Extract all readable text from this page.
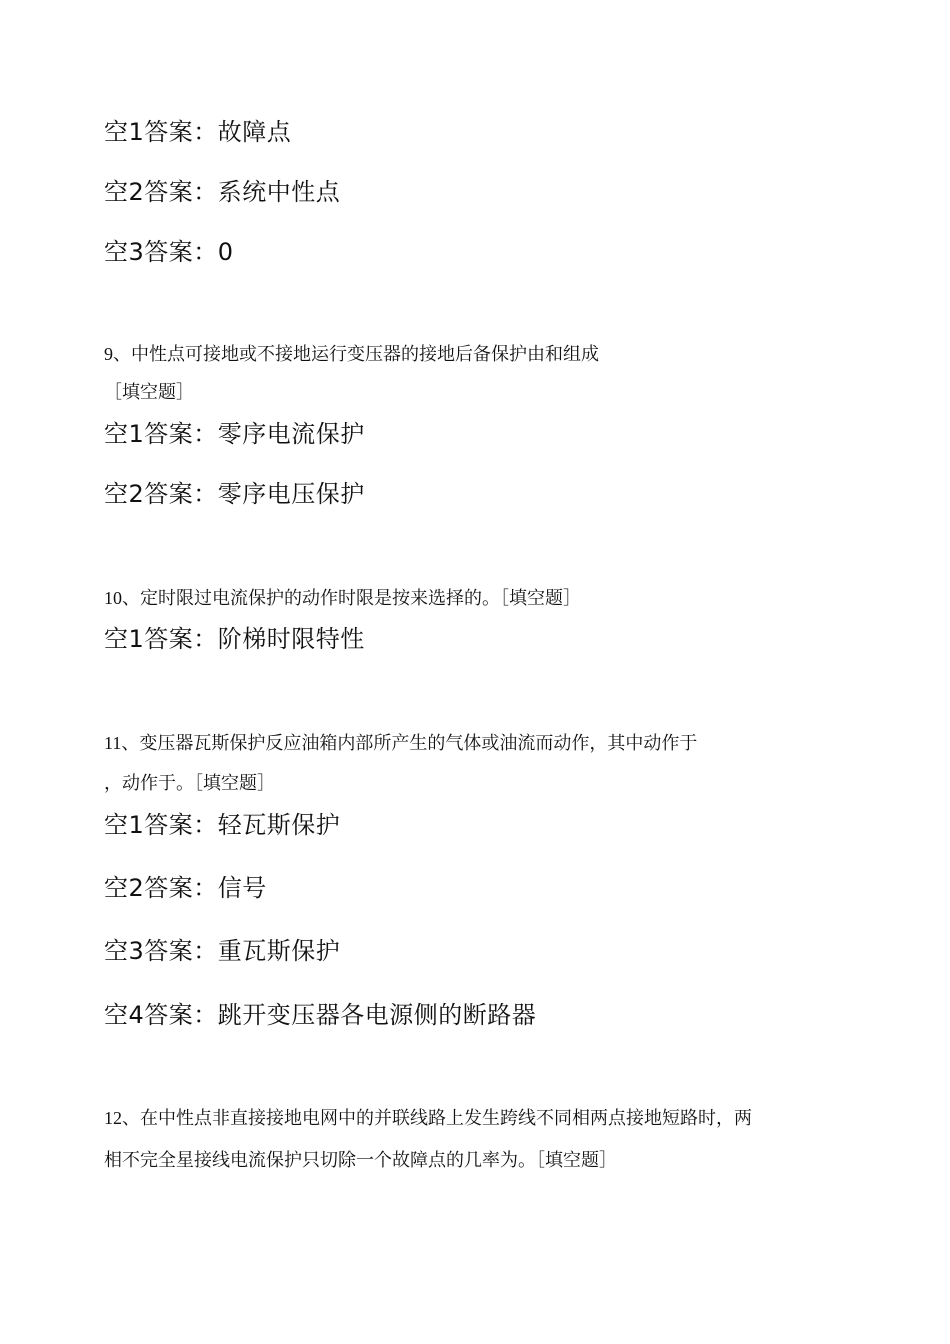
空1答案：故障点
空2答案：系统中性点
空3答案：0
9、中性点可接地或不接地运行变压器的接地后备保护由和组成
［填空题］
空1答案：零序电流保护
空2答案：零序电压保护
10、定时限过电流保护的动作时限是按来选择的。［填空题］
空1答案：阶梯时限特性
11、变压器瓦斯保护反应油箱内部所产生的气体或油流而动作，其中动作于
，动作于。［填空题］
空1答案：轻瓦斯保护
空2答案：信号
空3答案：重瓦斯保护
空4答案：跳开变压器各电源侧的断路器
12、在中性点非直接接地电网中的并联线路上发生跨线不同相两点接地短路时，两
相不完全星接线电流保护只切除一个故障点的几率为。［填空题］
